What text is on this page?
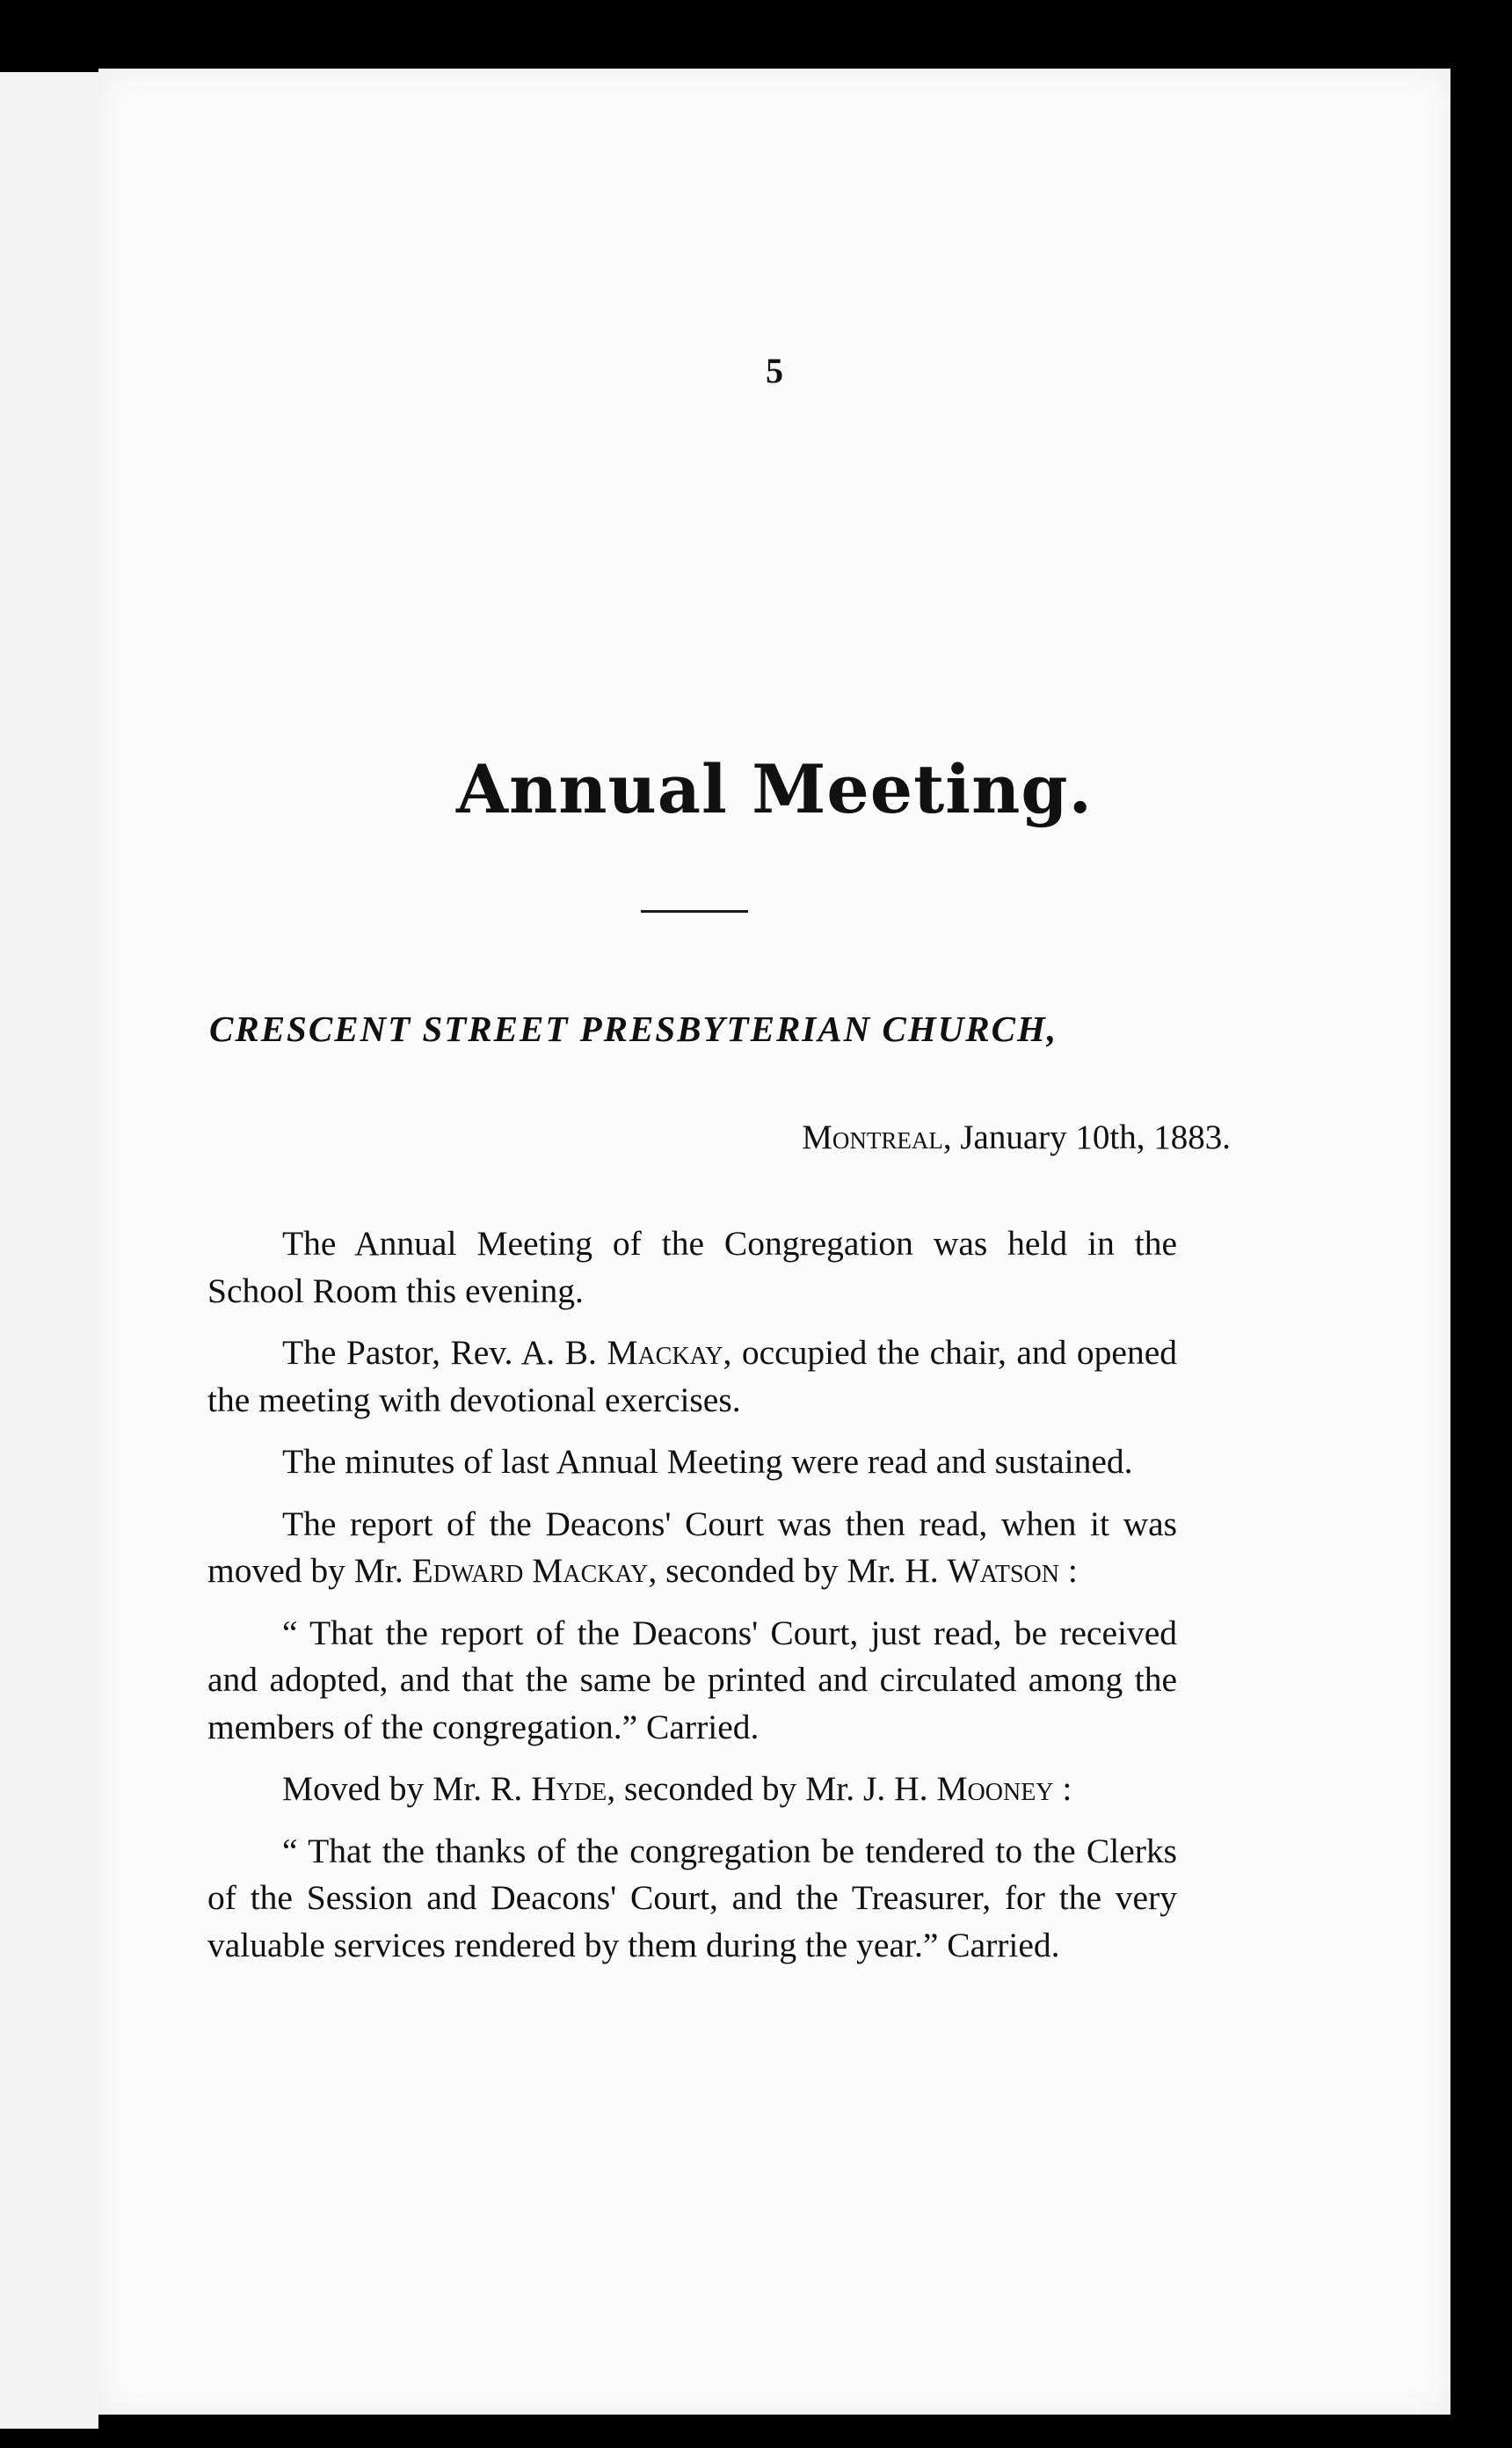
5
Annual Meeting.
CRESCENT STREET PRESBYTERIAN CHURCH,
Montreal, January 10th, 1883.

The Annual Meeting of the Congregation was held in the School Room this evening.

The Pastor, Rev. A. B. Mackay, occupied the chair, and opened the meeting with devotional exercises.

The minutes of last Annual Meeting were read and sustained.

The report of the Deacons' Court was then read, when it was moved by Mr. Edward Mackay, seconded by Mr. H. Watson :

“ That the report of the Deacons' Court, just read, be received and adopted, and that the same be printed and circulated among the members of the congregation.” Carried.

Moved by Mr. R. Hyde, seconded by Mr. J. H. Mooney :

“ That the thanks of the congregation be tendered to the Clerks of the Session and Deacons' Court, and the Treasurer, for the very valuable services rendered by them during the year.” Carried.
